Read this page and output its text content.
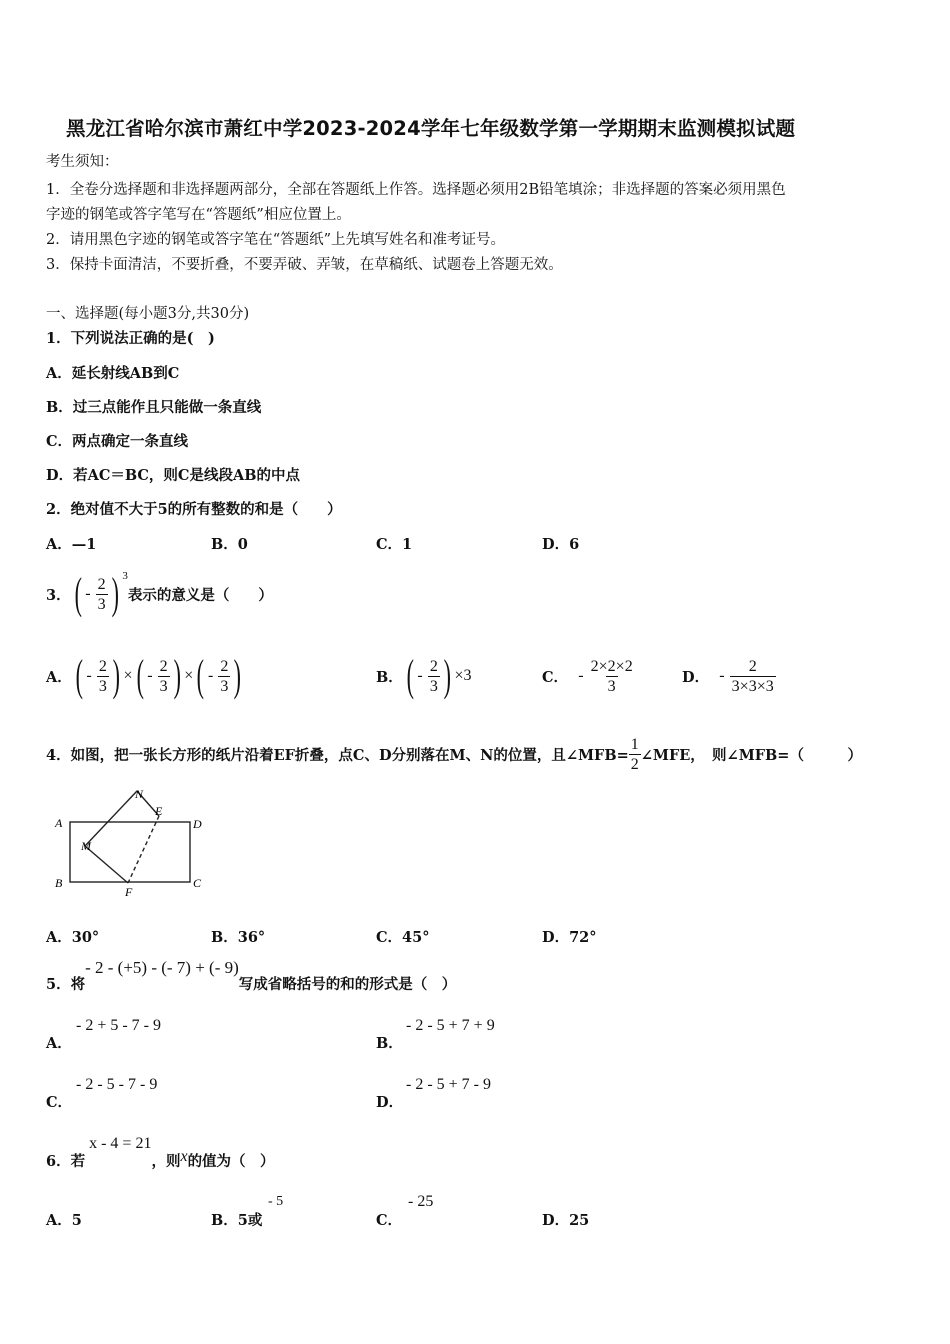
黑龙江省哈尔滨市萧红中学2023-2024学年七年级数学第一学期期末监测模拟试题
考生须知：
1．全卷分选择题和非选择题两部分，全部在答题纸上作答。选择题必须用2B铅笔填涂；非选择题的答案必须用黑色
字迹的钢笔或答字笔写在“答题纸”相应位置上。
2．请用黑色字迹的钢笔或答字笔在“答题纸”上先填写姓名和准考证号。
3．保持卡面清洁，不要折叠，不要弄破、弄皱，在草稿纸、试题卷上答题无效。
一、选择题(每小题3分,共30分)
1．下列说法正确的是(　)
A．延长射线AB到C
B．过三点能作且只能做一条直线
C．两点确定一条直线
D．若AC＝BC，则C是线段AB的中点
2．绝对值不大于5的所有整数的和是（　　）
A．—1	B．0	C．1	D．6
3． ( -
$\frac{2}{3}$ ) $^3$
表示的意义是（　　）
A． ( -
$\frac{2}{3}$ ) × ( -
$\frac{2}{3}$ ) × ( -
$\frac{2}{3}$ )	B． ( -
$\frac{2}{3}$ ) × 3	C．
-
$\frac{2\times 2\times 2}{3}$	D．
-
$\frac{2}{3\times 3\times 3}$
4．如图，把一张长方形的纸片沿着EF折叠，点C、D分别落在M、N的位置，且∠MFB= $\frac{1}{2}$ ∠MFE，　则∠MFB=（　　　）
A
B	C
D
E
F
M
N
A．30°	B．36°	C．45°	D．72°
5．将
- 2 - (+5) - (- 7) + (- 9)
写成省略括号的和的形式是（　）
A．
- 2 + 5 - 7 - 9
B．
- 2 - 5 + 7 + 9
C．
- 2 - 5 - 7 - 9
D．
- 2 - 5 + 7 - 9
6．若
x - 4 = 21
，则 x 的值为（　）
A．5	B．5或
- 5
C．
- 25
D．25
